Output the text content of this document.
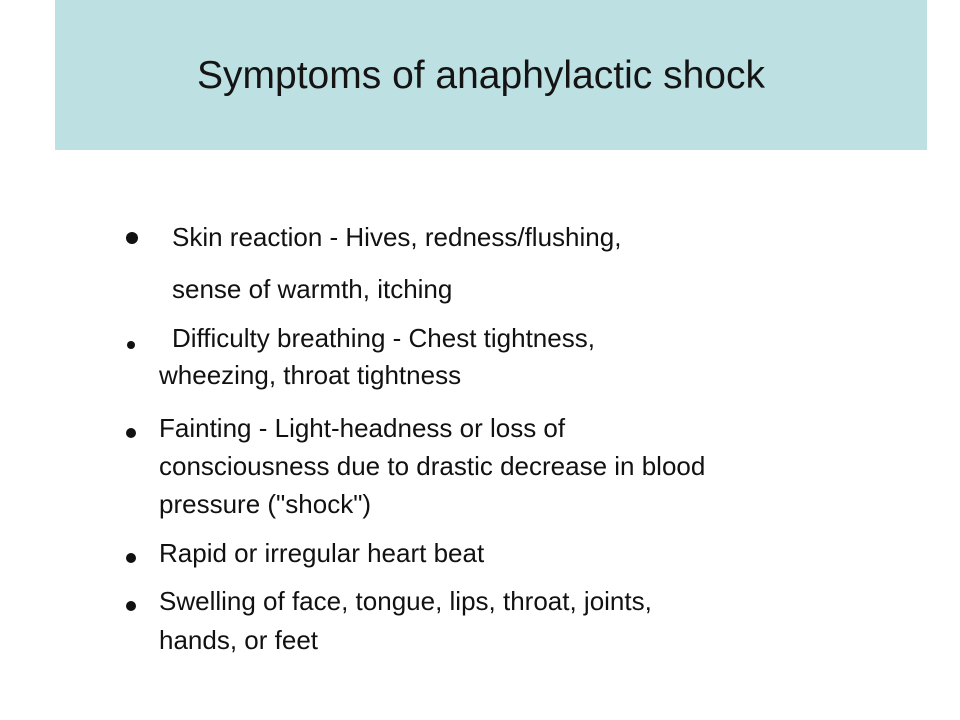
Symptoms of anaphylactic shock
Skin reaction - Hives, redness/flushing,
sense of warmth, itching
Difficulty breathing - Chest tightness,
wheezing, throat tightness
Fainting - Light-headness or loss of
consciousness due to drastic decrease in blood
pressure ("shock")
Rapid or irregular heart beat
Swelling of face, tongue, lips, throat, joints,
hands, or feet
